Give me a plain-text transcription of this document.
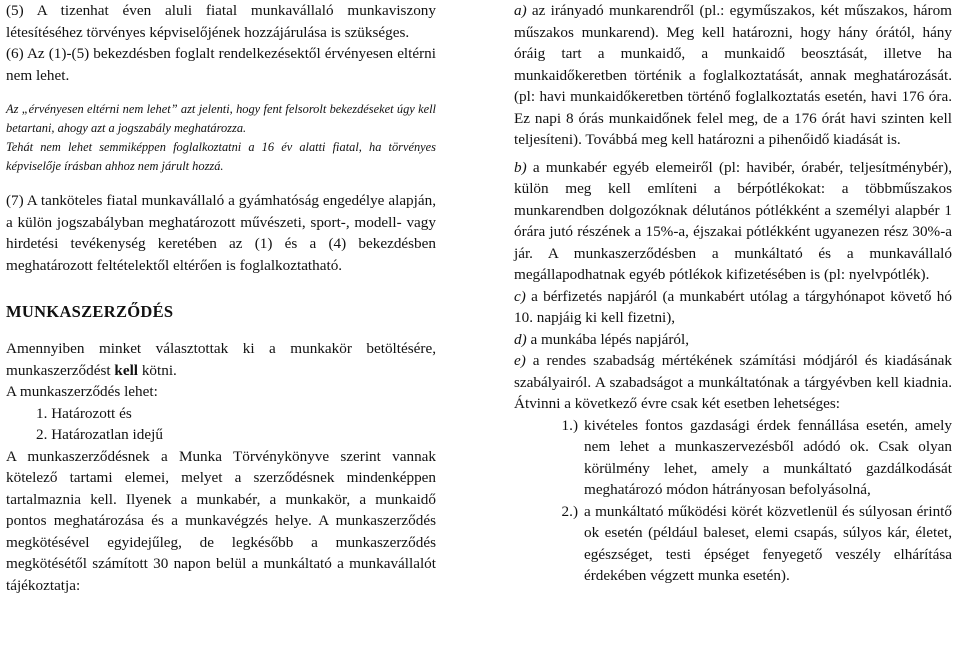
(5) A tizenhat éven aluli fiatal munkavállaló munkaviszony létesítéséhez törvényes képviselőjének hozzájárulása is szükséges.

(6) Az (1)-(5) bekezdésben foglalt rendelkezésektől érvényesen eltérni nem lehet.

Az „érvényesen eltérni nem lehet” azt jelenti, hogy fent felsorolt bekezdéseket úgy kell betartani, ahogy azt a jogszabály meghatározza.

Tehát nem lehet semmiképpen foglalkoztatni a 16 év alatti fiatal, ha törvényes képviselője írásban ahhoz nem járult hozzá.

(7) A tanköteles fiatal munkavállaló a gyámhatóság engedélye alapján, a külön jogszabályban meghatározott művészeti, sport-, modell- vagy hirdetési tevékenység keretében az (1) és a (4) bekezdésben meghatározott feltételektől eltérően is foglalkoztatható.

MUNKASZERZŐDÉS

Amennyiben minket választottak ki a munkakör betöltésére, munkaszerződést kell kötni.

A munkaszerződés lehet:

1. Határozott és

2. Határozatlan idejű

A munkaszerződésnek a Munka Törvénykönyve szerint vannak kötelező tartami elemei, melyet a szerződésnek mindenképpen tartalmaznia kell. Ilyenek a munkabér, a munkakör, a munkaidő pontos meghatározása és a munkavégzés helye. A munkaszerződés megkötésével egyidejűleg, de legkésőbb a munkaszerződés megkötésétől számított 30 napon belül a munkáltató a munkavállalót tájékoztatja:

a) az irányadó munkarendről (pl.: egyműszakos, két műszakos, három műszakos munkarend). Meg kell határozni, hogy hány órától, hány óráig tart a munkaidő, a munkaidő beosztását, illetve ha munkaidőkeretben történik a foglalkoztatását, annak meghatározását. (pl: havi munkaidőkeretben történő foglalkoztatás esetén, havi 176 óra. Ez napi 8 órás munkaidőnek felel meg, de a 176 órát havi szinten kell teljesíteni). Továbbá meg kell határozni a pihenőidő kiadását is.

b) a munkabér egyéb elemeiről (pl: havibér, órabér, teljesítménybér), külön meg kell említeni a bérpótlékokat: a többműszakos munkarendben dolgozóknak délutános pótlékként a személyi alapbér 1 órára jutó részének a 15%-a, éjszakai pótlékként ugyanezen rész 30%-a jár. A munkaszerződésben a munkáltató és a munkavállaló megállapodhatnak egyéb pótlékok kifizetésében is (pl: nyelvpótlék).

c) a bérfizetés napjáról (a munkabért utólag a tárgyhónapot követő hó 10. napjáig ki kell fizetni),

d) a munkába lépés napjáról,

e) a rendes szabadság mértékének számítási módjáról és kiadásának szabályairól. A szabadságot a munkáltatónak a tárgyévben kell kiadnia. Átvinni a következő évre csak két esetben lehetséges:

1.) kivételes fontos gazdasági érdek fennállása esetén, amely nem lehet a munkaszervezésből adódó ok. Csak olyan körülmény lehet, amely a munkáltató gazdálkodását meghatározó módon hátrányosan befolyásolná,

2.) a munkáltató működési körét közvetlenül és súlyosan érintő ok esetén (például baleset, elemi csapás, súlyos kár, életet, egészséget, testi épséget fenyegető veszély elhárítása érdekében végzett munka esetén).
